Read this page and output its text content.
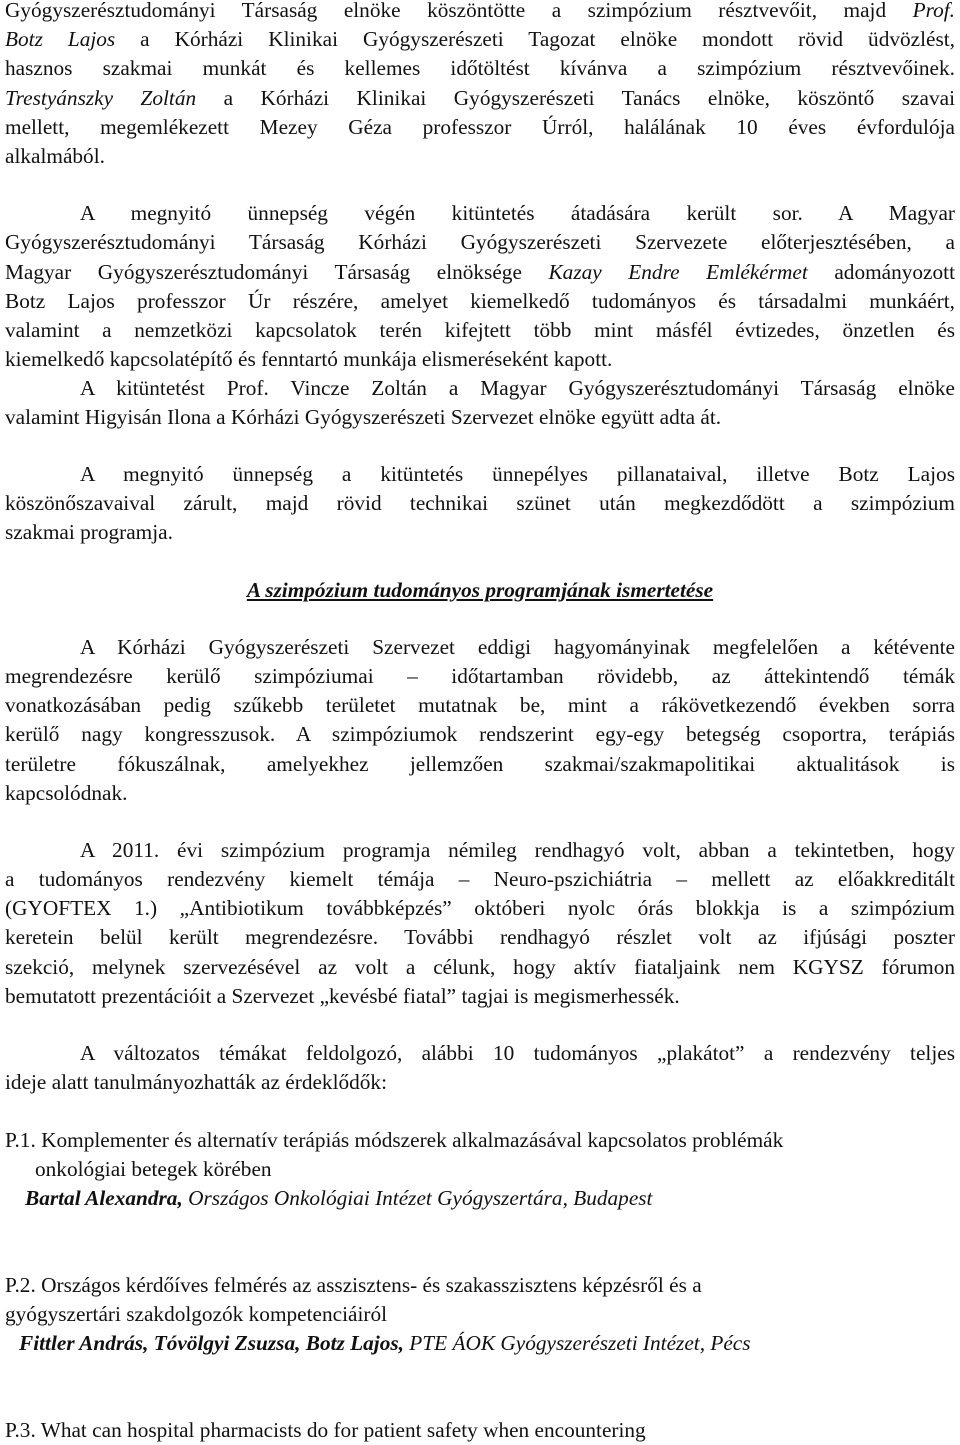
Gyógyszerésztudományi Társaság elnöke köszöntötte a szimpózium résztvevőit, majd Prof.
Botz Lajos a Kórházi Klinikai Gyógyszerészeti Tagozat elnöke mondott rövid üdvözlést,
hasznos szakmai munkát és kellemes időtöltést kívánva a szimpózium résztvevőinek.
Trestyánszky Zoltán a Kórházi Klinikai Gyógyszerészeti Tanács elnöke, köszöntő szavai
mellett, megemlékezett Mezey Géza professzor Úrról, halálának 10 éves évfordulója
alkalmából.
A megnyitó ünnepség végén kitüntetés átadására került sor. A Magyar
Gyógyszerésztudományi Társaság Kórházi Gyógyszerészeti Szervezete előterjesztésében, a
Magyar Gyógyszerésztudományi Társaság elnöksége Kazay Endre Emlékérmet adományozott
Botz Lajos professzor Úr részére, amelyet kiemelkedő tudományos és társadalmi munkáért,
valamint a nemzetközi kapcsolatok terén kifejtett több mint másfél évtizedes, önzetlen és
kiemelkedő kapcsolatépítő és fenntartó munkája elismeréseként kapott.
A kitüntetést Prof. Vincze Zoltán a Magyar Gyógyszerésztudományi Társaság elnöke
valamint Higyisán Ilona a Kórházi Gyógyszerészeti Szervezet elnöke együtt adta át.
A megnyitó ünnepség a kitüntetés ünnepélyes pillanataival, illetve Botz Lajos
köszönőszavaival zárult, majd rövid technikai szünet után megkezdődött a szimpózium
szakmai programja.
A szimpózium tudományos programjának ismertetése
A Kórházi Gyógyszerészeti Szervezet eddigi hagyományinak megfelelően a kétévente
megrendezésre kerülő szimpóziumai – időtartamban rövidebb, az áttekintendő témák
vonatkozásában pedig szűkebb területet mutatnak be, mint a rákövetkezendő években sorra
kerülő nagy kongresszusok. A szimpóziumok rendszerint egy-egy betegség csoportra, terápiás
területre fókuszálnak, amelyekhez jellemzően szakmai/szakmapolitikai aktualitások is
kapcsolódnak.
A 2011. évi szimpózium programja némileg rendhagyó volt, abban a tekintetben, hogy
a tudományos rendezvény kiemelt témája – Neuro-pszichiátria – mellett az előakkreditált
(GYOFTEX 1.) „Antibiotikum továbbképzés” októberi nyolc órás blokkja is a szimpózium
keretein belül került megrendezésre. További rendhagyó részlet volt az ifjúsági poszter
szekció, melynek szervezésével az volt a célunk, hogy aktív fiataljaink nem KGYSZ fórumon
bemutatott prezentációit a Szervezet „kevésbé fiatal” tagjai is megismerhessék.
A változatos témákat feldolgozó, alábbi 10 tudományos „plakátot” a rendezvény teljes
ideje alatt tanulmányozhatták az érdeklődők:
P.1. Komplementer és alternatív terápiás módszerek alkalmazásával kapcsolatos problémák
onkológiai betegek körében
Bartal Alexandra, Országos Onkológiai Intézet Gyógyszertára, Budapest
P.2. Országos kérdőíves felmérés az asszisztens- és szakasszisztens képzésről és a
gyógyszertári szakdolgozók kompetenciáiról
Fittler András, Tóvölgyi Zsuzsa, Botz Lajos, PTE ÁOK Gyógyszerészeti Intézet, Pécs
P.3. What can hospital pharmacists do for patient safety when encountering
